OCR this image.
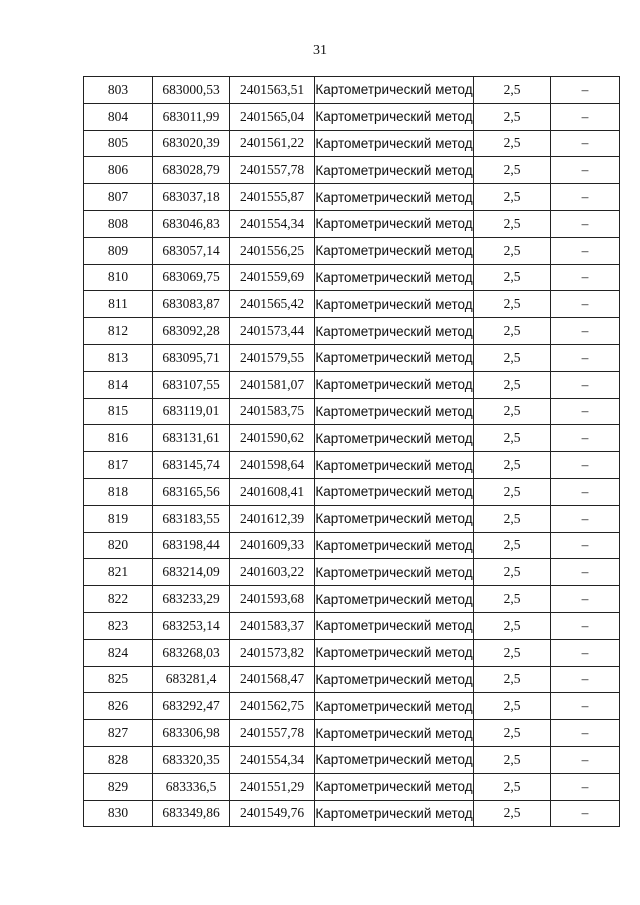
31
803	683000,53	2401563,51	Картометрический метод	2,5	–
804	683011,99	2401565,04	Картометрический метод	2,5	–
805	683020,39	2401561,22	Картометрический метод	2,5	–
806	683028,79	2401557,78	Картометрический метод	2,5	–
807	683037,18	2401555,87	Картометрический метод	2,5	–
808	683046,83	2401554,34	Картометрический метод	2,5	–
809	683057,14	2401556,25	Картометрический метод	2,5	–
810	683069,75	2401559,69	Картометрический метод	2,5	–
811	683083,87	2401565,42	Картометрический метод	2,5	–
812	683092,28	2401573,44	Картометрический метод	2,5	–
813	683095,71	2401579,55	Картометрический метод	2,5	–
814	683107,55	2401581,07	Картометрический метод	2,5	–
815	683119,01	2401583,75	Картометрический метод	2,5	–
816	683131,61	2401590,62	Картометрический метод	2,5	–
817	683145,74	2401598,64	Картометрический метод	2,5	–
818	683165,56	2401608,41	Картометрический метод	2,5	–
819	683183,55	2401612,39	Картометрический метод	2,5	–
820	683198,44	2401609,33	Картометрический метод	2,5	–
821	683214,09	2401603,22	Картометрический метод	2,5	–
822	683233,29	2401593,68	Картометрический метод	2,5	–
823	683253,14	2401583,37	Картометрический метод	2,5	–
824	683268,03	2401573,82	Картометрический метод	2,5	–
825	683281,4	2401568,47	Картометрический метод	2,5	–
826	683292,47	2401562,75	Картометрический метод	2,5	–
827	683306,98	2401557,78	Картометрический метод	2,5	–
828	683320,35	2401554,34	Картометрический метод	2,5	–
829	683336,5	2401551,29	Картометрический метод	2,5	–
830	683349,86	2401549,76	Картометрический метод	2,5	–
